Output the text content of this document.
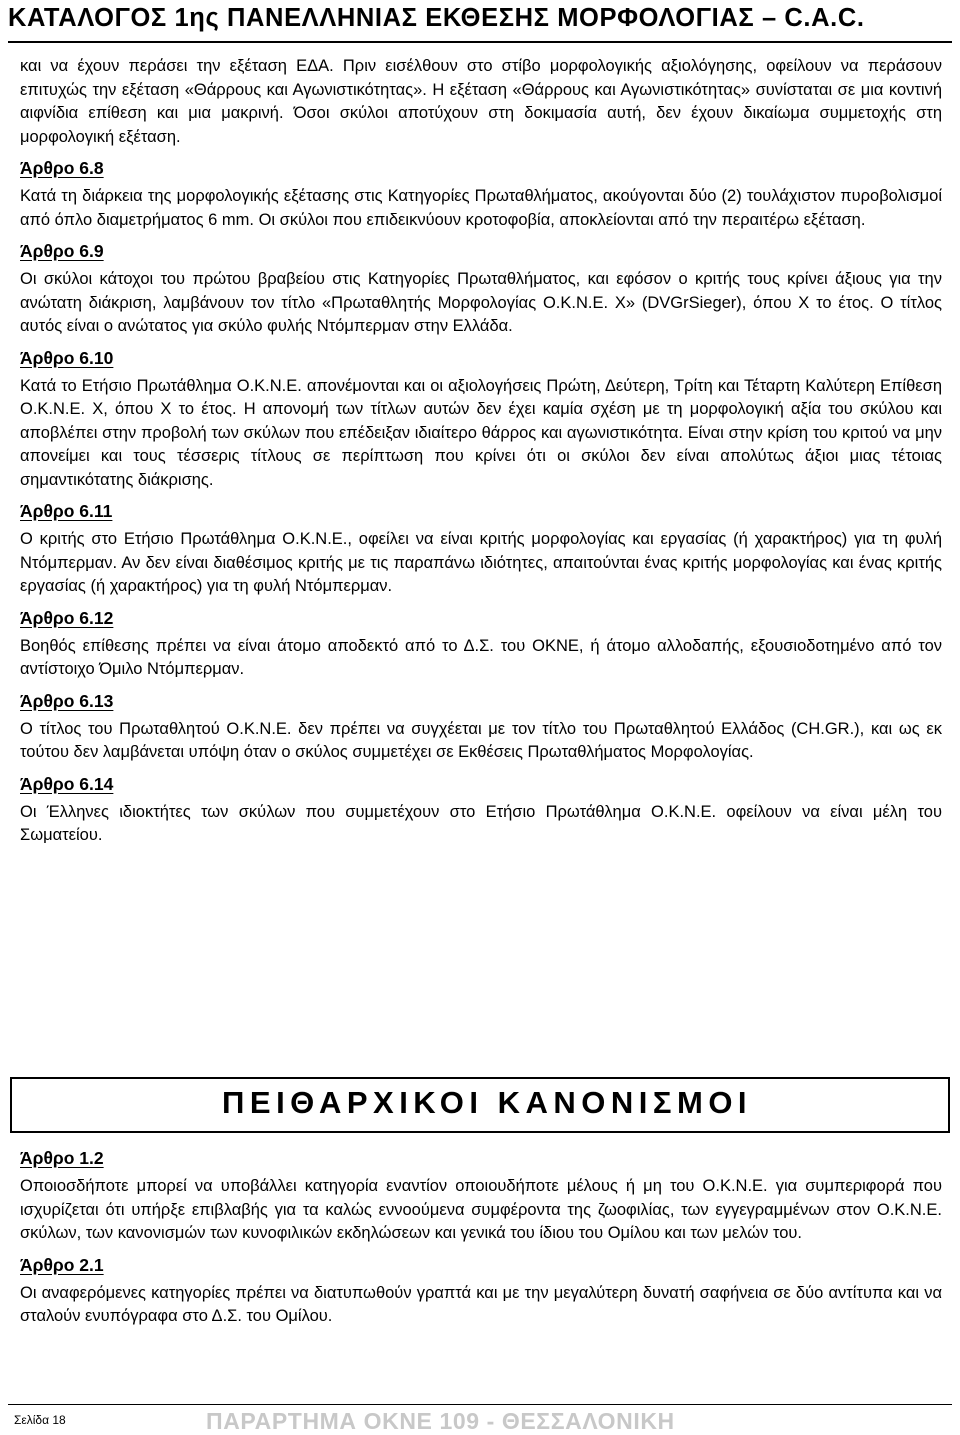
ΚΑΤΑΛΟΓΟΣ 1ης ΠΑΝΕΛΛΗΝΙΑΣ ΕΚΘΕΣΗΣ ΜΟΡΦΟΛΟΓΙΑΣ – C.A.C.

και να έχουν περάσει την εξέταση ΕΔΑ. Πριν εισέλθουν στο στίβο μορφολογικής αξιολόγησης, οφείλουν να περάσουν επιτυχώς την εξέταση «Θάρρους και Αγωνιστικότητας». Η εξέταση «Θάρρους και Αγωνιστικότητας» συνίσταται σε μια κοντινή αιφνίδια επίθεση και μια μακρινή. Όσοι σκύλοι αποτύχουν στη δοκιμασία αυτή, δεν έχουν δικαίωμα συμμετοχής στη μορφολογική εξέταση.

Άρθρο 6.8

Κατά τη διάρκεια της μορφολογικής εξέτασης στις Κατηγορίες Πρωταθλήματος, ακούγονται δύο (2) τουλάχιστον πυροβολισμοί από όπλο διαμετρήματος 6 mm. Οι σκύλοι που επιδεικνύουν κροτοφοβία, αποκλείονται από την περαιτέρω εξέταση.

Άρθρο 6.9

Οι σκύλοι κάτοχοι του πρώτου βραβείου στις Κατηγορίες Πρωταθλήματος, και εφόσον ο κριτής τους κρίνει άξιους για την ανώτατη διάκριση, λαμβάνουν τον τίτλο «Πρωταθλητής Μορφολογίας Ο.Κ.Ν.Ε. Χ» (DVGrSieger), όπου Χ το έτος. Ο τίτλος αυτός είναι ο ανώτατος για σκύλο φυλής Ντόμπερμαν στην Ελλάδα.

Άρθρο 6.10

Κατά το Ετήσιο Πρωτάθλημα Ο.Κ.Ν.Ε. απονέμονται και οι αξιολογήσεις Πρώτη, Δεύτερη, Τρίτη και Τέταρτη Καλύτερη Επίθεση Ο.Κ.Ν.Ε. Χ, όπου Χ το έτος. Η απονομή των τίτλων αυτών δεν έχει καμία σχέση με τη μορφολογική αξία του σκύλου και αποβλέπει στην προβολή των σκύλων που επέδειξαν ιδιαίτερο θάρρος και αγωνιστικότητα. Είναι στην κρίση του κριτού να μην απονείμει και τους τέσσερις τίτλους σε περίπτωση που κρίνει ότι οι σκύλοι δεν είναι απολύτως άξιοι μιας τέτοιας σημαντικότατης διάκρισης.

Άρθρο 6.11

Ο κριτής στο Ετήσιο Πρωτάθλημα Ο.Κ.Ν.Ε., οφείλει να είναι κριτής μορφολογίας και εργασίας (ή χαρακτήρος) για τη φυλή Ντόμπερμαν. Αν δεν είναι διαθέσιμος κριτής με τις παραπάνω ιδιότητες, απαιτούνται ένας κριτής μορφολογίας και ένας κριτής εργασίας (ή χαρακτήρος) για τη φυλή Ντόμπερμαν.

Άρθρο 6.12

Βοηθός επίθεσης πρέπει να είναι άτομο αποδεκτό από το Δ.Σ. του ΟΚΝΕ, ή άτομο αλλοδαπής, εξουσιοδοτημένο από τον αντίστοιχο Όμιλο Ντόμπερμαν.

Άρθρο 6.13

Ο τίτλος του Πρωταθλητού Ο.Κ.Ν.Ε. δεν πρέπει να συγχέεται με τον τίτλο του Πρωταθλητού Ελλάδος (CH.GR.), και ως εκ τούτου δεν λαμβάνεται υπόψη όταν ο σκύλος συμμετέχει σε Εκθέσεις Πρωταθλήματος Μορφολογίας.

Άρθρο 6.14

Οι Έλληνες ιδιοκτήτες των σκύλων που συμμετέχουν στο Ετήσιο Πρωτάθλημα Ο.Κ.Ν.Ε. οφείλουν να είναι μέλη του Σωματείου.

ΠΕΙΘΑΡΧΙΚΟΙ ΚΑΝΟΝΙΣΜΟΙ

Άρθρο 1.2

Οποιοσδήποτε μπορεί να υποβάλλει κατηγορία εναντίον οποιουδήποτε μέλους ή μη του Ο.Κ.Ν.Ε. για συμπεριφορά που ισχυρίζεται ότι υπήρξε επιβλαβής για τα καλώς εννοούμενα συμφέροντα της ζωοφιλίας, των εγγεγραμμένων στον Ο.Κ.Ν.Ε. σκύλων, των κανονισμών των κυνοφιλικών εκδηλώσεων και γενικά του ίδιου του Ομίλου και των μελών του.

Άρθρο 2.1

Οι αναφερόμενες κατηγορίες πρέπει να διατυπωθούν γραπτά και με την μεγαλύτερη δυνατή σαφήνεια σε δύο αντίτυπα και να σταλούν ενυπόγραφα στο Δ.Σ. του Ομίλου.

Σελίδα 18	ΠΑΡΑΡΤΗΜΑ ΟΚΝΕ 109 - ΘΕΣΣΑΛΟΝΙΚΗ
